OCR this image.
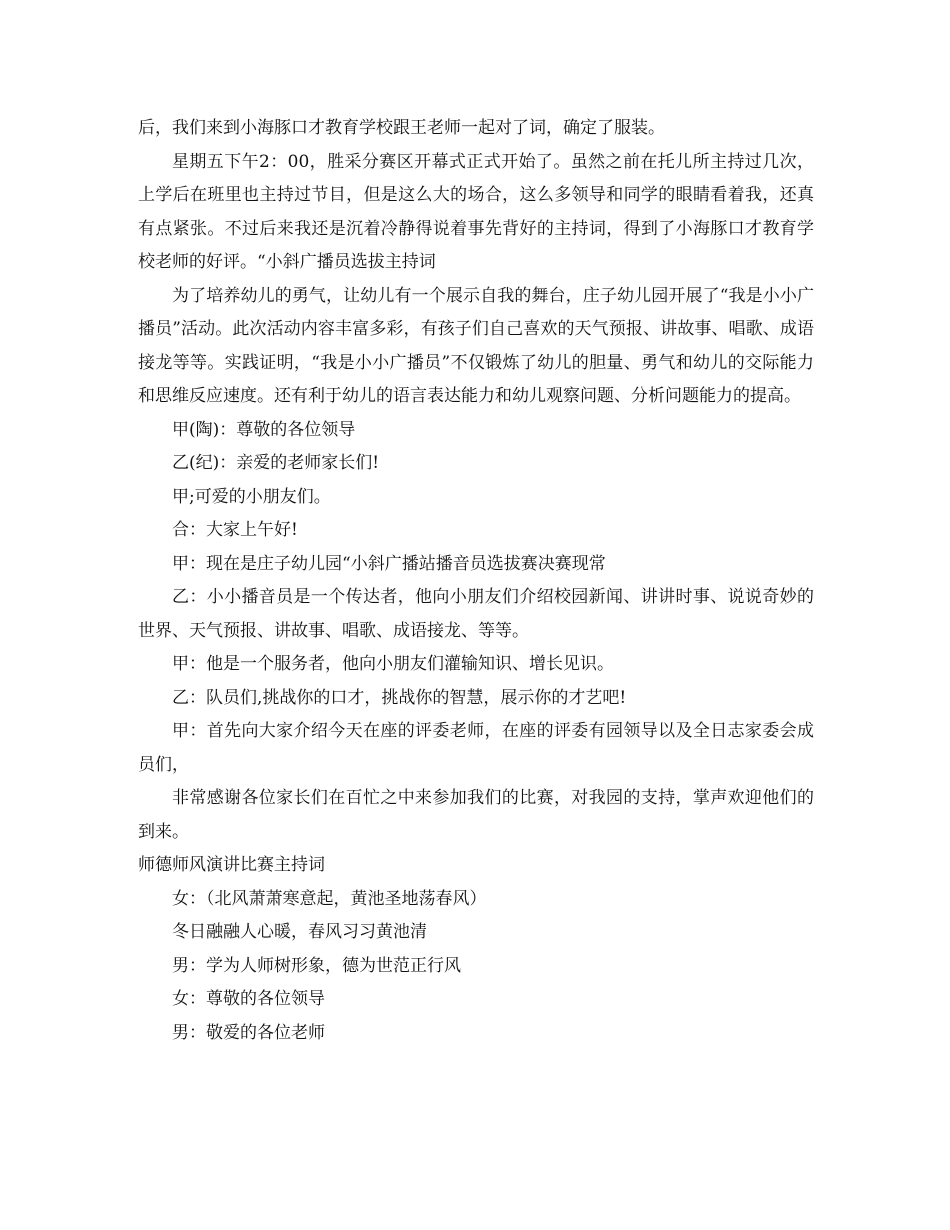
后，我们来到小海豚口才教育学校跟王老师一起对了词，确定了服装。

星期五下午2：00，胜采分赛区开幕式正式开始了。虽然之前在托儿所主持过几次，上学后在班里也主持过节目，但是这么大的场合，这么多领导和同学的眼睛看着我，还真有点紧张。不过后来我还是沉着冷静得说着事先背好的主持词，得到了小海豚口才教育学校老师的好评。“小斜广播员选拔主持词

为了培养幼儿的勇气，让幼儿有一个展示自我的舞台，庄子幼儿园开展了“我是小小广播员”活动。此次活动内容丰富多彩，有孩子们自己喜欢的天气预报、讲故事、唱歌、成语接龙等等。实践证明，“我是小小广播员”不仅锻炼了幼儿的胆量、勇气和幼儿的交际能力和思维反应速度。还有利于幼儿的语言表达能力和幼儿观察问题、分析问题能力的提高。

甲(陶)：尊敬的各位领导

乙(纪)：亲爱的老师家长们!

甲;可爱的小朋友们。

合：大家上午好!

甲：现在是庄子幼儿园“小斜广播站播音员选拔赛决赛现常

乙：小小播音员是一个传达者，他向小朋友们介绍校园新闻、讲讲时事、说说奇妙的世界、天气预报、讲故事、唱歌、成语接龙、等等。

甲：他是一个服务者，他向小朋友们灌输知识、增长见识。

乙：队员们,挑战你的口才，挑战你的智慧，展示你的才艺吧!

甲：首先向大家介绍今天在座的评委老师，在座的评委有园领导以及全日志家委会成员们，

非常感谢各位家长们在百忙之中来参加我们的比赛，对我园的支持，掌声欢迎他们的到来。

师德师风演讲比赛主持词

女：（北风萧萧寒意起，黄池圣地荡春风）

冬日融融人心暖，春风习习黄池清

男：学为人师树形象，德为世范正行风

女：尊敬的各位领导

男：敬爱的各位老师
